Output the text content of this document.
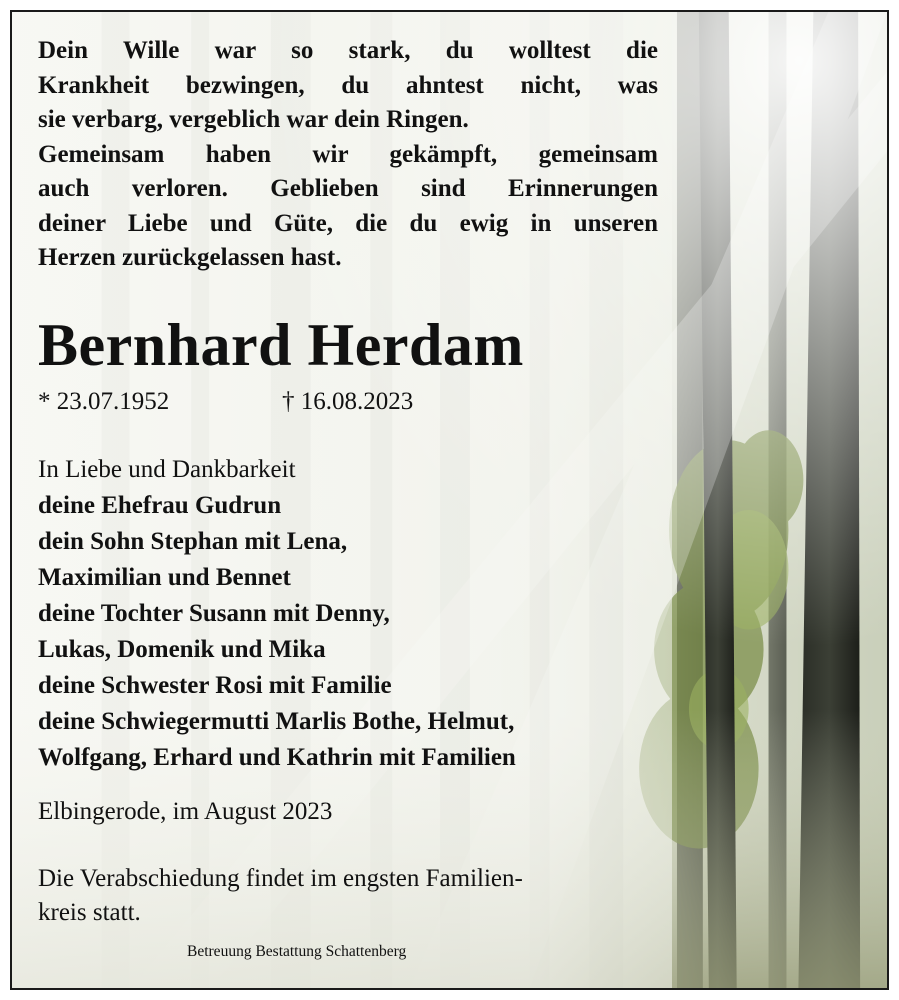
Dein Wille war so stark, du wolltest die
Krankheit bezwingen, du ahntest nicht, was
sie verbarg, vergeblich war dein Ringen.
Gemeinsam haben wir gekämpft, gemeinsam
auch verloren. Geblieben sind Erinnerungen
deiner Liebe und Güte, die du ewig in unseren
Herzen zurückgelassen hast.
Bernhard Herdam
* 23.07.1952	† 16.08.2023
In Liebe und Dankbarkeit
deine Ehefrau Gudrun
dein Sohn Stephan mit Lena,
Maximilian und Bennet
deine Tochter Susann mit Denny,
Lukas, Domenik und Mika
deine Schwester Rosi mit Familie
deine Schwiegermutti Marlis Bothe, Helmut,
Wolfgang, Erhard und Kathrin mit Familien
Elbingerode, im August 2023
Die Verabschiedung findet im engsten Familien-
kreis statt.
Betreuung Bestattung Schattenberg
